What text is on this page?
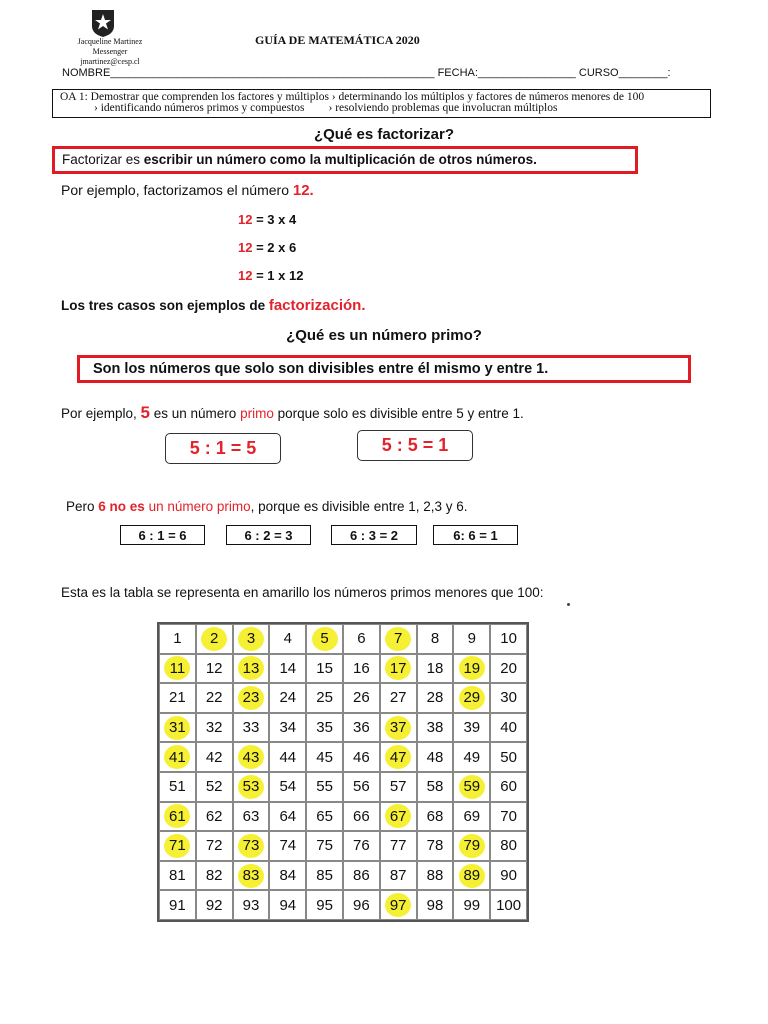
Jacqueline Martinez Messenger
jmartinez@cesp.cl
GUÍA DE MATEMÁTICA 2020
NOMBRE_____________________________________________________ FECHA:________________ CURSO________:
OA 1: Demostrar que comprenden los factores y múltiplos › determinando los múltiplos y factores de números menores de 100
› identificando números primos y compuestos › resolviendo problemas que involucran múltiplos
¿Qué es factorizar?
Factorizar es escribir un número como la multiplicación de otros números.
Por ejemplo, factorizamos el número 12.
12 = 3 x 4
12 = 2 x 6
12 = 1 x 12
Los tres casos son ejemplos de factorización.
¿Qué es un número primo?
Son los números que solo son divisibles entre él mismo y entre 1.
Por ejemplo, 5 es un número primo porque solo es divisible entre 5 y entre 1.
5 : 1 = 5	5 : 5 = 1
Pero 6 no es un número primo, porque es divisible entre 1, 2,3 y 6.
6 : 1 = 6	6 : 2 = 3	6 : 3 = 2	6: 6 = 1
Esta es la tabla se representa en amarillo los números primos menores que 100:
1 2 3 4 5 6 7 8 9 10
11 12 13 14 15 16 17 18 19 20
21 22 23 24 25 26 27 28 29 30
31 32 33 34 35 36 37 38 39 40
41 42 43 44 45 46 47 48 49 50
51 52 53 54 55 56 57 58 59 60
61 62 63 64 65 66 67 68 69 70
71 72 73 74 75 76 77 78 79 80
81 82 83 84 85 86 87 88 89 90
91 92 93 94 95 96 97 98 99 100
